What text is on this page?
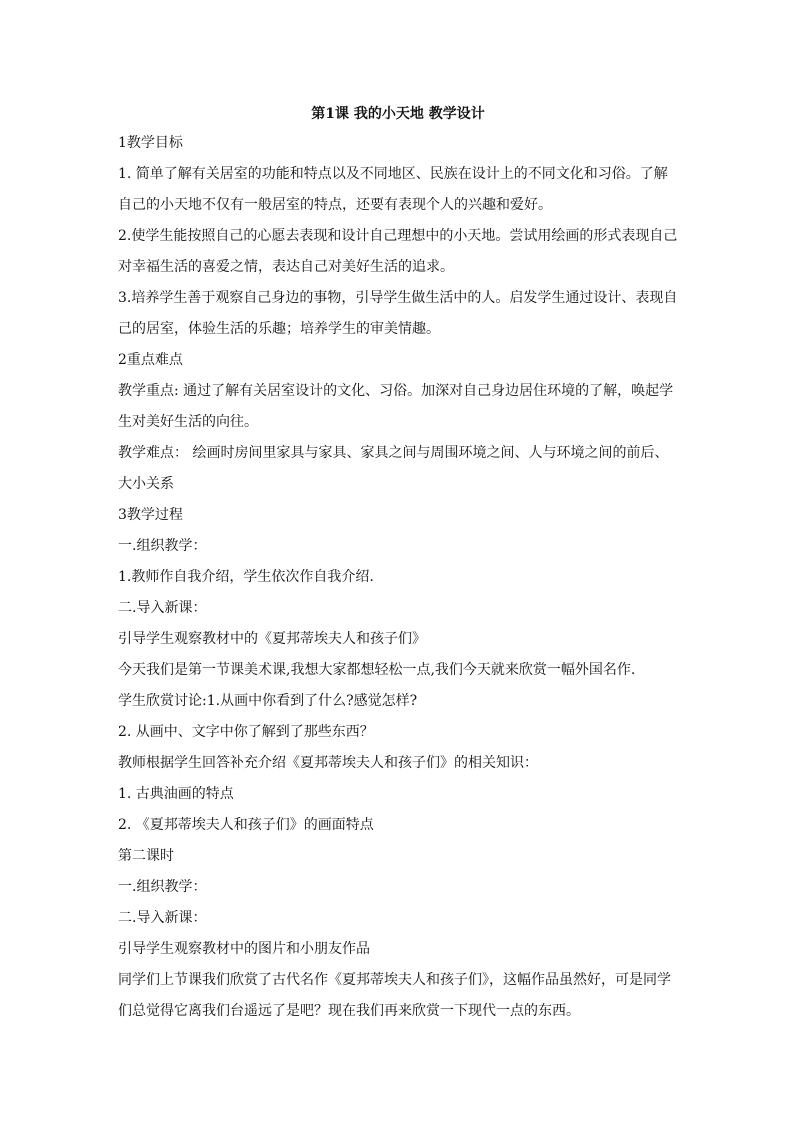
第1课 我的小天地 教学设计
1教学目标
1. 简单了解有关居室的功能和特点以及不同地区、民族在设计上的不同文化和习俗。了解
自己的小天地不仅有一般居室的特点，还要有表现个人的兴趣和爱好。
2.使学生能按照自己的心愿去表现和设计自己理想中的小天地。尝试用绘画的形式表现自己
对幸福生活的喜爱之情，表达自己对美好生活的追求。
3.培养学生善于观察自己身边的事物，引导学生做生活中的人。启发学生通过设计、表现自
己的居室，体验生活的乐趣；培养学生的审美情趣。
2重点难点
教学重点: 通过了解有关居室设计的文化、习俗。加深对自己身边居住环境的了解，唤起学
生对美好生活的向往。
教学难点： 绘画时房间里家具与家具、家具之间与周围环境之间、人与环境之间的前后、
大小关系
3教学过程
一.组织教学：
1.教师作自我介绍，学生依次作自我介绍.
二.导入新课：
引导学生观察教材中的《夏邦蒂埃夫人和孩子们》
今天我们是第一节课美术课,我想大家都想轻松一点,我们今天就来欣赏一幅外国名作.
学生欣赏讨论:1.从画中你看到了什么?感觉怎样?
2. 从画中、文字中你了解到了那些东西？
教师根据学生回答补充介绍《夏邦蒂埃夫人和孩子们》的相关知识：
1. 古典油画的特点
2. 《夏邦蒂埃夫人和孩子们》的画面特点
第二课时
一.组织教学：
二.导入新课：
引导学生观察教材中的图片和小朋友作品
同学们上节课我们欣赏了古代名作《夏邦蒂埃夫人和孩子们》，这幅作品虽然好，可是同学
们总觉得它离我们台遥远了是吧？现在我们再来欣赏一下现代一点的东西。
